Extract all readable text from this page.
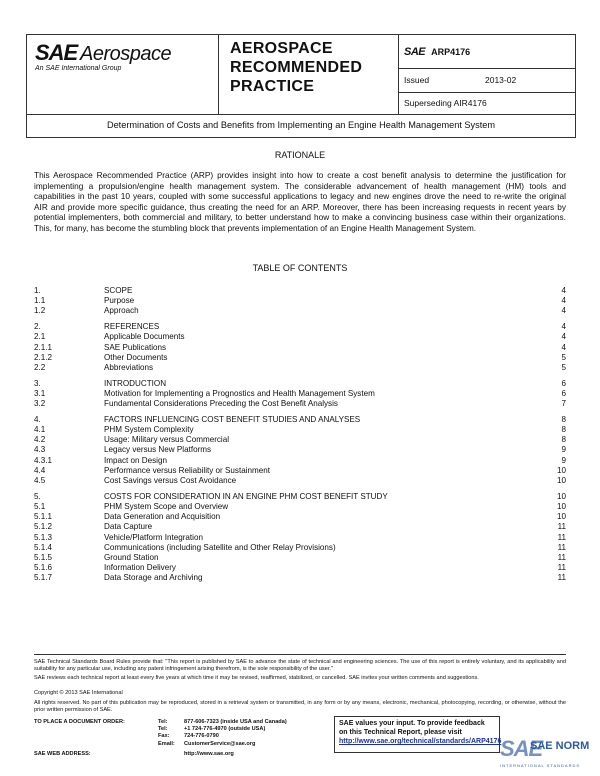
SAE Aerospace
An SAE International Group
AEROSPACE
RECOMMENDED
PRACTICE
SAE ARP4176
Issued	2013-02
Superseding AIR4176
Determination of Costs and Benefits from Implementing an Engine Health Management System
RATIONALE
This Aerospace Recommended Practice (ARP) provides insight into how to create a cost benefit analysis to determine the justification for implementing a propulsion/engine health management system. The considerable advancement of health management (HM) tools and capabilities in the past 10 years, coupled with some successful applications to legacy and new engines drove the need to re-write the original AIR and provide more specific guidance, thus creating the need for an ARP. Moreover, there has been increasing requests in recent years by potential implementers, both commercial and military, to better understand how to make a convincing business case within their organizations. This, for many, has become the stumbling block that prevents implementation of an Engine Health Management System.
TABLE OF CONTENTS
1.	SCOPE .....	4
1.1	Purpose .....	4
1.2	Approach .....	4
2.	REFERENCES .....	4
2.1	Applicable Documents .....	4
2.1.1	SAE Publications .....	4
2.1.2	Other Documents .....	5
2.2	Abbreviations .....	5
3.	INTRODUCTION .....	6
3.1	Motivation for Implementing a Prognostics and Health Management System .....	6
3.2	Fundamental Considerations Preceding the Cost Benefit Analysis .....	7
4.	FACTORS INFLUENCING COST BENEFIT STUDIES AND ANALYSES .....	8
4.1	PHM System Complexity .....	8
4.2	Usage: Military versus Commercial .....	8
4.3	Legacy versus New Platforms .....	9
4.3.1	Impact on Design .....	9
4.4	Performance versus Reliability or Sustainment .....	10
4.5	Cost Savings versus Cost Avoidance .....	10
5.	COSTS FOR CONSIDERATION IN AN ENGINE PHM COST BENEFIT STUDY .....	10
5.1	PHM System Scope and Overview .....	10
5.1.1	Data Generation and Acquisition .....	10
5.1.2	Data Capture .....	11
5.1.3	Vehicle/Platform Integration .....	11
5.1.4	Communications (including Satellite and Other Relay Provisions) .....	11
5.1.5	Ground Station .....	11
5.1.6	Information Delivery .....	11
5.1.7	Data Storage and Archiving .....	11
SAE Technical Standards Board Rules provide that: "This report is published by SAE to advance the state of technical and engineering sciences. The use of this report is entirely voluntary, and its applicability and suitability for any particular use, including any patent infringement arising therefrom, is the sole responsibility of the user."
SAE reviews each technical report at least every five years at which time it may be revised, reaffirmed, stabilized, or cancelled. SAE invites your written comments and suggestions.
Copyright © 2013 SAE International
All rights reserved. No part of this publication may be reproduced, stored in a retrieval system or transmitted, in any form or by any means, electronic, mechanical, photocopying, recording, or otherwise, without the prior written permission of SAE.
TO PLACE A DOCUMENT ORDER:	Tel:	877-606-7323 (inside USA and Canada)
Tel:	+1 724-776-4970 (outside USA)
Fax:	724-776-0790
Email: CustomerService@sae.org
SAE WEB ADDRESS:	http://www.sae.org
SAE values your input. To provide feedback
on this Technical Report, please visit
http://www.sae.org/technical/standards/ARP4176
SAE
SAE NORM
INTERNATIONAL STANDARDS
